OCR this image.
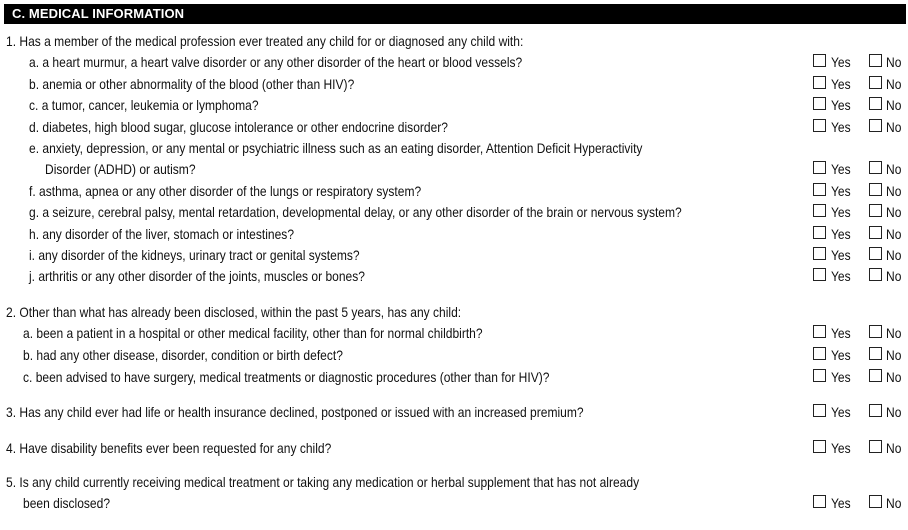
C. MEDICAL INFORMATION
1. Has a member of the medical profession ever treated any child for or diagnosed any child with:
a. a heart murmur, a heart valve disorder or any other disorder of the heart or blood vessels?	Yes	No
b. anemia or other abnormality of the blood (other than HIV)?	Yes	No
c. a tumor, cancer, leukemia or lymphoma?	Yes	No
d. diabetes, high blood sugar, glucose intolerance or other endocrine disorder?	Yes	No
e. anxiety, depression, or any mental or psychiatric illness such as an eating disorder, Attention Deficit Hyperactivity
Disorder (ADHD) or autism?	Yes	No
f. asthma, apnea or any other disorder of the lungs or respiratory system?	Yes	No
g. a seizure, cerebral palsy, mental retardation, developmental delay, or any other disorder of the brain or nervous system?	Yes	No
h. any disorder of the liver, stomach or intestines?	Yes	No
i. any disorder of the kidneys, urinary tract or genital systems?	Yes	No
j. arthritis or any other disorder of the joints, muscles or bones?	Yes	No
2. Other than what has already been disclosed, within the past 5 years, has any child:
a. been a patient in a hospital or other medical facility, other than for normal childbirth?	Yes	No
b. had any other disease, disorder, condition or birth defect?	Yes	No
c. been advised to have surgery, medical treatments or diagnostic procedures (other than for HIV)?	Yes	No
3. Has any child ever had life or health insurance declined, postponed or issued with an increased premium?	Yes	No
4. Have disability benefits ever been requested for any child?	Yes	No
5. Is any child currently receiving medical treatment or taking any medication or herbal supplement that has not already
been disclosed?	Yes	No
